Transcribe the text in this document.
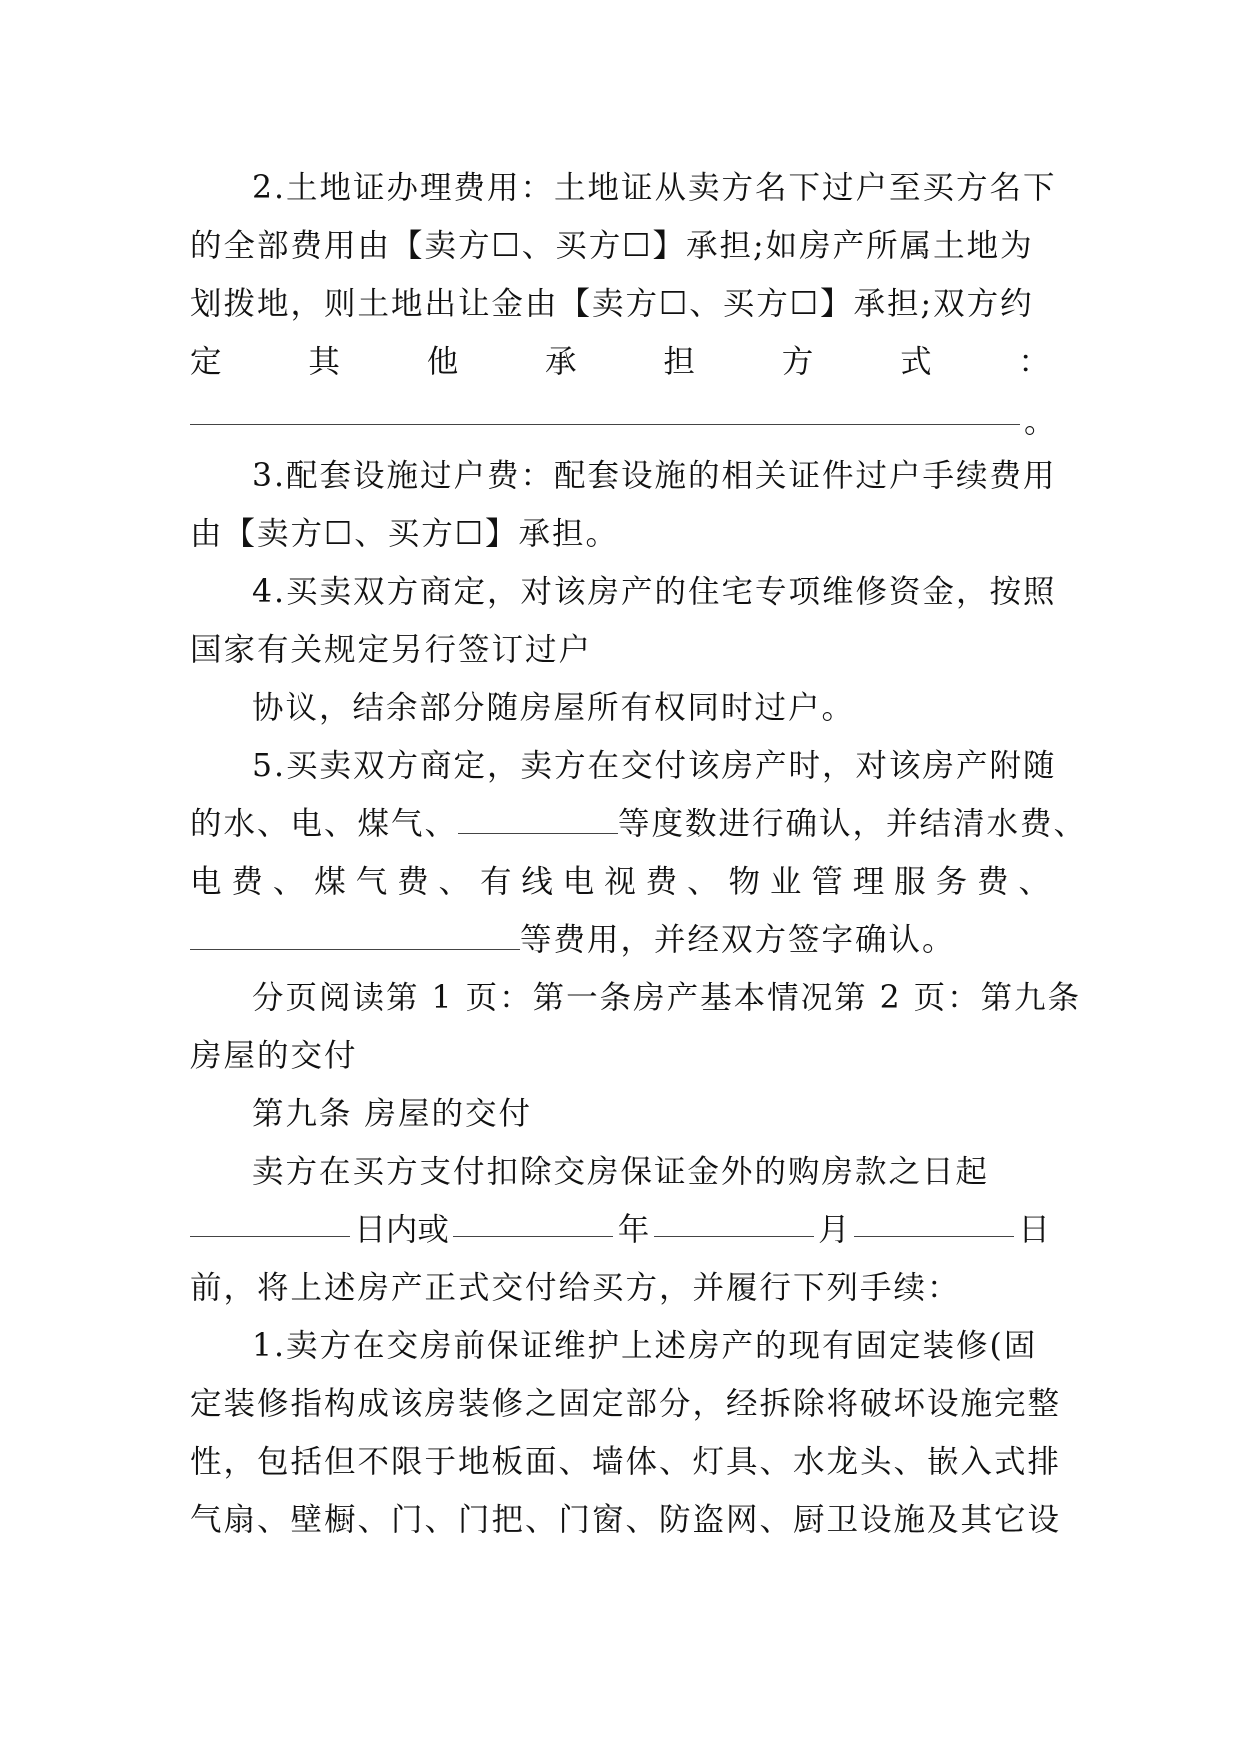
2.土地证办理费用：土地证从卖方名下过户至买方名下
的全部费用由【卖方☐、买方☐】承担;如房产所属土地为
划拨地，则土地出让金由【卖方☐、买方☐】承担;双方约
定	其	他	承	担	方	式	：
。
3.配套设施过户费：配套设施的相关证件过户手续费用
由【卖方☐、买方☐】承担。
4.买卖双方商定，对该房产的住宅专项维修资金，按照
国家有关规定另行签订过户
协议，结余部分随房屋所有权同时过户。
5.买卖双方商定，卖方在交付该房产时，对该房产附随
的水、电、煤气、	等度数进行确认，并结清水费、
电 费 、 煤 气 费 、 有 线 电 视 费 、 物 业 管 理 服 务 费 、
等费用，并经双方签字确认。
分页阅读第 1 页：第一条房产基本情况第 2 页：第九条
房屋的交付
第九条 房屋的交付
卖方在买方支付扣除交房保证金外的购房款之日起
日内或	年	月	日
前，将上述房产正式交付给买方，并履行下列手续：
1.卖方在交房前保证维护上述房产的现有固定装修(固
定装修指构成该房装修之固定部分，经拆除将破坏设施完整
性，包括但不限于地板面、墙体、灯具、水龙头、嵌入式排
气扇、壁橱、门、门把、门窗、防盗网、厨卫设施及其它设
